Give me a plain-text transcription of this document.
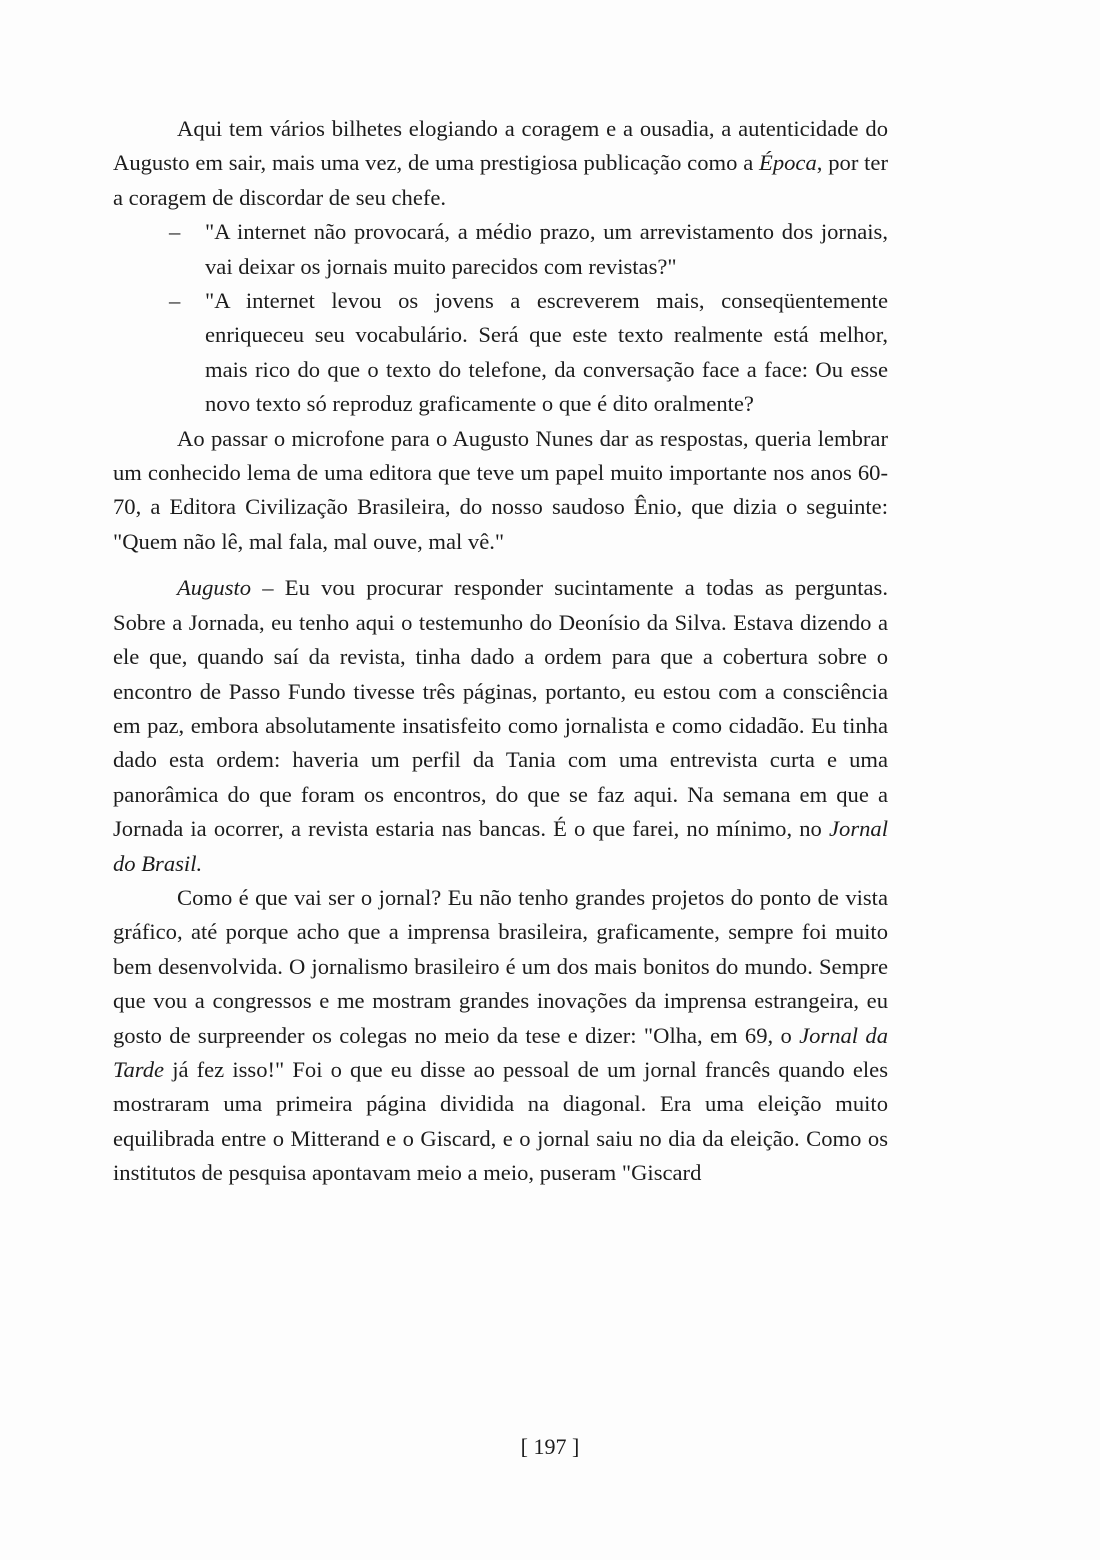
Aqui tem vários bilhetes elogiando a coragem e a ousadia, a autenticidade do Augusto em sair, mais uma vez, de uma prestigiosa publicação como a Época, por ter a coragem de discordar de seu chefe.

– "A internet não provocará, a médio prazo, um arrevistamento dos jornais, vai deixar os jornais muito parecidos com revistas?"
– "A internet levou os jovens a escreverem mais, conseqüentemente enriqueceu seu vocabulário. Será que este texto realmente está melhor, mais rico do que o texto do telefone, da conversação face a face: Ou esse novo texto só reproduz graficamente o que é dito oralmente?

Ao passar o microfone para o Augusto Nunes dar as respostas, queria lembrar um conhecido lema de uma editora que teve um papel muito importante nos anos 60-70, a Editora Civilização Brasileira, do nosso saudoso Ênio, que dizia o seguinte: "Quem não lê, mal fala, mal ouve, mal vê."

Augusto – Eu vou procurar responder sucintamente a todas as perguntas. Sobre a Jornada, eu tenho aqui o testemunho do Deonísio da Silva. Estava dizendo a ele que, quando saí da revista, tinha dado a ordem para que a cobertura sobre o encontro de Passo Fundo tivesse três páginas, portanto, eu estou com a consciência em paz, embora absolutamente insatisfeito como jornalista e como cidadão. Eu tinha dado esta ordem: haveria um perfil da Tania com uma entrevista curta e uma panorâmica do que foram os encontros, do que se faz aqui. Na semana em que a Jornada ia ocorrer, a revista estaria nas bancas. É o que farei, no mínimo, no Jornal do Brasil.

Como é que vai ser o jornal? Eu não tenho grandes projetos do ponto de vista gráfico, até porque acho que a imprensa brasileira, graficamente, sempre foi muito bem desenvolvida. O jornalismo brasileiro é um dos mais bonitos do mundo. Sempre que vou a congressos e me mostram grandes inovações da imprensa estrangeira, eu gosto de surpreender os colegas no meio da tese e dizer: "Olha, em 69, o Jornal da Tarde já fez isso!" Foi o que eu disse ao pessoal de um jornal francês quando eles mostraram uma primeira página dividida na diagonal. Era uma eleição muito equilibrada entre o Mitterand e o Giscard, e o jornal saiu no dia da eleição. Como os institutos de pesquisa apontavam meio a meio, puseram "Giscard

[ 197 ]
